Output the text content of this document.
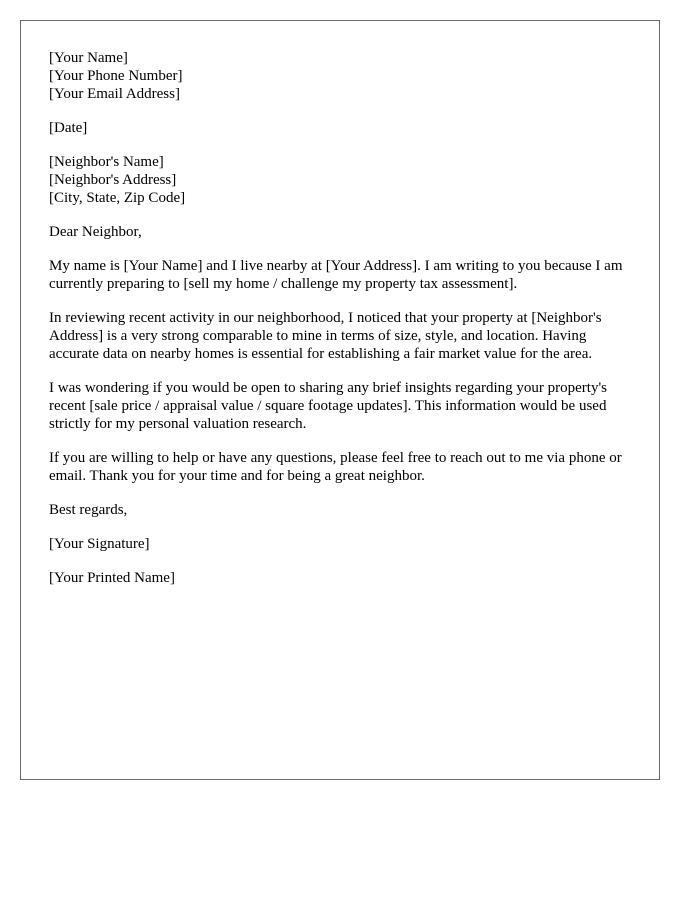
[Your Name]
[Your Phone Number]
[Your Email Address]
[Date]
[Neighbor's Name]
[Neighbor's Address]
[City, State, Zip Code]

Dear Neighbor,

My name is [Your Name] and I live nearby at [Your Address]. I am writing to you because I am currently preparing to [sell my home / challenge my property tax assessment].

In reviewing recent activity in our neighborhood, I noticed that your property at [Neighbor's Address] is a very strong comparable to mine in terms of size, style, and location. Having accurate data on nearby homes is essential for establishing a fair market value for the area.

I was wondering if you would be open to sharing any brief insights regarding your property's recent [sale price / appraisal value / square footage updates]. This information would be used strictly for my personal valuation research.

If you are willing to help or have any questions, please feel free to reach out to me via phone or email. Thank you for your time and for being a great neighbor.

Best regards,

[Your Signature]

[Your Printed Name]
